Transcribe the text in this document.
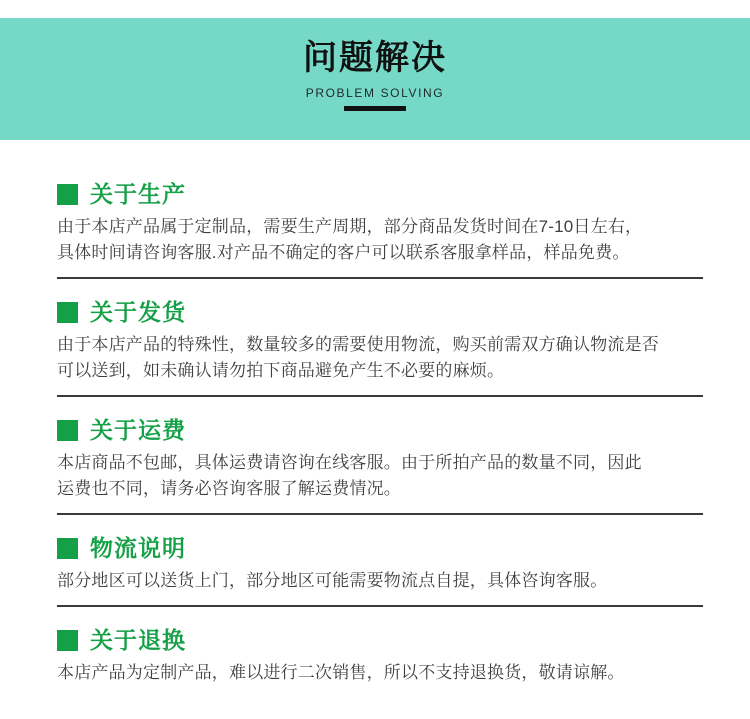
问题解决
PROBLEM SOLVING
关于生产

由于本店产品属于定制品，需要生产周期，部分商品发货时间在7-10日左右，

具体时间请咨询客服.对产品不确定的客户可以联系客服拿样品，样品免费。

关于发货

由于本店产品的特殊性，数量较多的需要使用物流，购买前需双方确认物流是否

可以送到，如未确认请勿拍下商品避免产生不必要的麻烦。

关于运费

本店商品不包邮，具体运费请咨询在线客服。由于所拍产品的数量不同，因此

运费也不同，请务必咨询客服了解运费情况。

物流说明

部分地区可以送货上门，部分地区可能需要物流点自提，具体咨询客服。

关于退换

本店产品为定制产品，难以进行二次销售，所以不支持退换货，敬请谅解。
